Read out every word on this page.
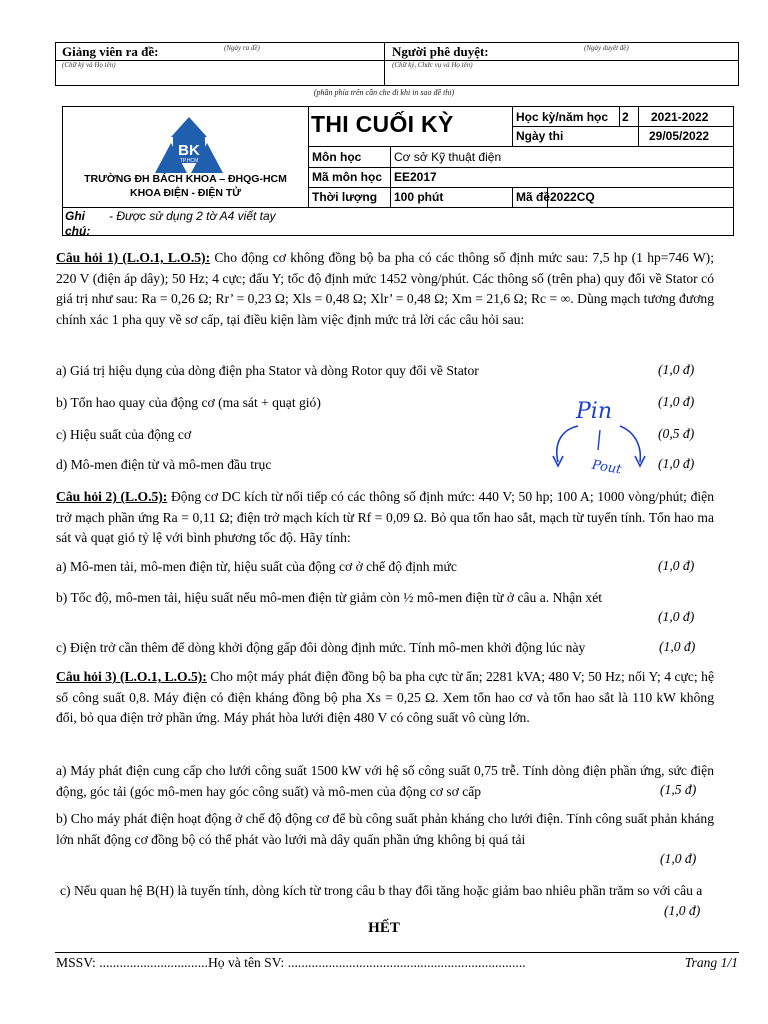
Giảng viên ra đề:	(Ngày ra đề)
(Chữ ký và Họ tên)
Người phê duyệt:	(Ngày duyệt đề)
(Chữ ký, Chức vụ và Họ tên)
(phần phía trên cần che đi khi in sao đề thi)
BK
TP.HCM
TRƯỜNG ĐH BÁCH KHOA – ĐHQG-HCM
KHOA ĐIỆN - ĐIỆN TỬ
THI CUỐI KỲ	Học kỳ/năm học 2 2021-2022
Ngày thi	29/05/2022
Môn học	Cơ sở Kỹ thuật điện
Mã môn học EE2017
Thời lượng 100 phút	Mã đề 2022CQ
Ghi chú:
- Được sử dụng 2 tờ A4 viết tay
Câu hỏi 1) (L.O.1, L.O.5): Cho động cơ không đồng bộ ba pha có các thông số định mức sau: 7,5 hp (1 hp=746 W); 220 V (điện áp dây); 50 Hz; 4 cực; đấu Y; tốc độ định mức 1452 vòng/phút. Các thông số (trên pha) quy đổi về Stator có giá trị như sau: Ra = 0,26 Ω; Rr’ = 0,23 Ω; Xls = 0,48 Ω; Xlr’ = 0,48 Ω; Xm = 21,6 Ω; Rc = ∞. Dùng mạch tương đương chính xác 1 pha quy về sơ cấp, tại điều kiện làm việc định mức trả lời các câu hỏi sau:
a) Giá trị hiệu dụng của dòng điện pha Stator và dòng Rotor quy đổi về Stator	(1,0 đ)
b) Tổn hao quay của động cơ (ma sát + quạt gió)	(1,0 đ)
c) Hiệu suất của động cơ	(0,5 đ)
d) Mô-men điện từ và mô-men đầu trục	(1,0 đ)
Pin
Pout
Câu hỏi 2) (L.O.5): Động cơ DC kích từ nối tiếp có các thông số định mức: 440 V; 50 hp; 100 A; 1000 vòng/phút; điện trở mạch phần ứng Ra = 0,11 Ω; điện trở mạch kích từ Rf = 0,09 Ω. Bỏ qua tổn hao sắt, mạch từ tuyến tính. Tổn hao ma sát và quạt gió tỷ lệ với bình phương tốc độ. Hãy tính:
a) Mô-men tải, mô-men điện từ, hiệu suất của động cơ ở chế độ định mức	(1,0 đ)
b) Tốc độ, mô-men tải, hiệu suất nếu mô-men điện từ giảm còn ½ mô-men điện từ ở câu a. Nhận xét
(1,0 đ)
c) Điện trở cần thêm để dòng khởi động gấp đôi dòng định mức. Tính mô-men khởi động lúc này	(1,0 đ)
Câu hỏi 3) (L.O.1, L.O.5): Cho một máy phát điện đồng bộ ba pha cực từ ẩn; 2281 kVA; 480 V; 50 Hz; nối Y; 4 cực; hệ số công suất 0,8. Máy điện có điện kháng đồng bộ pha Xs = 0,25 Ω. Xem tổn hao cơ và tổn hao sắt là 110 kW không đổi, bỏ qua điện trở phần ứng. Máy phát hòa lưới điện 480 V có công suất vô cùng lớn.
a) Máy phát điện cung cấp cho lưới công suất 1500 kW với hệ số công suất 0,75 trễ. Tính dòng điện phần ứng, sức điện động, góc tải (góc mô-men hay góc công suất) và mô-men của động cơ sơ cấp	(1,5 đ)
b) Cho máy phát điện hoạt động ở chế độ động cơ để bù công suất phản kháng cho lưới điện. Tính công suất phản kháng lớn nhất động cơ đồng bộ có thể phát vào lưới mà dây quấn phần ứng không bị quá tải
(1,0 đ)
c) Nếu quan hệ B(H) là tuyến tính, dòng kích từ trong câu b thay đổi tăng hoặc giảm bao nhiêu phần trăm so với câu a
(1,0 đ)
HẾT
MSSV: ................................Họ và tên SV: ......................................................................	Trang 1/1
